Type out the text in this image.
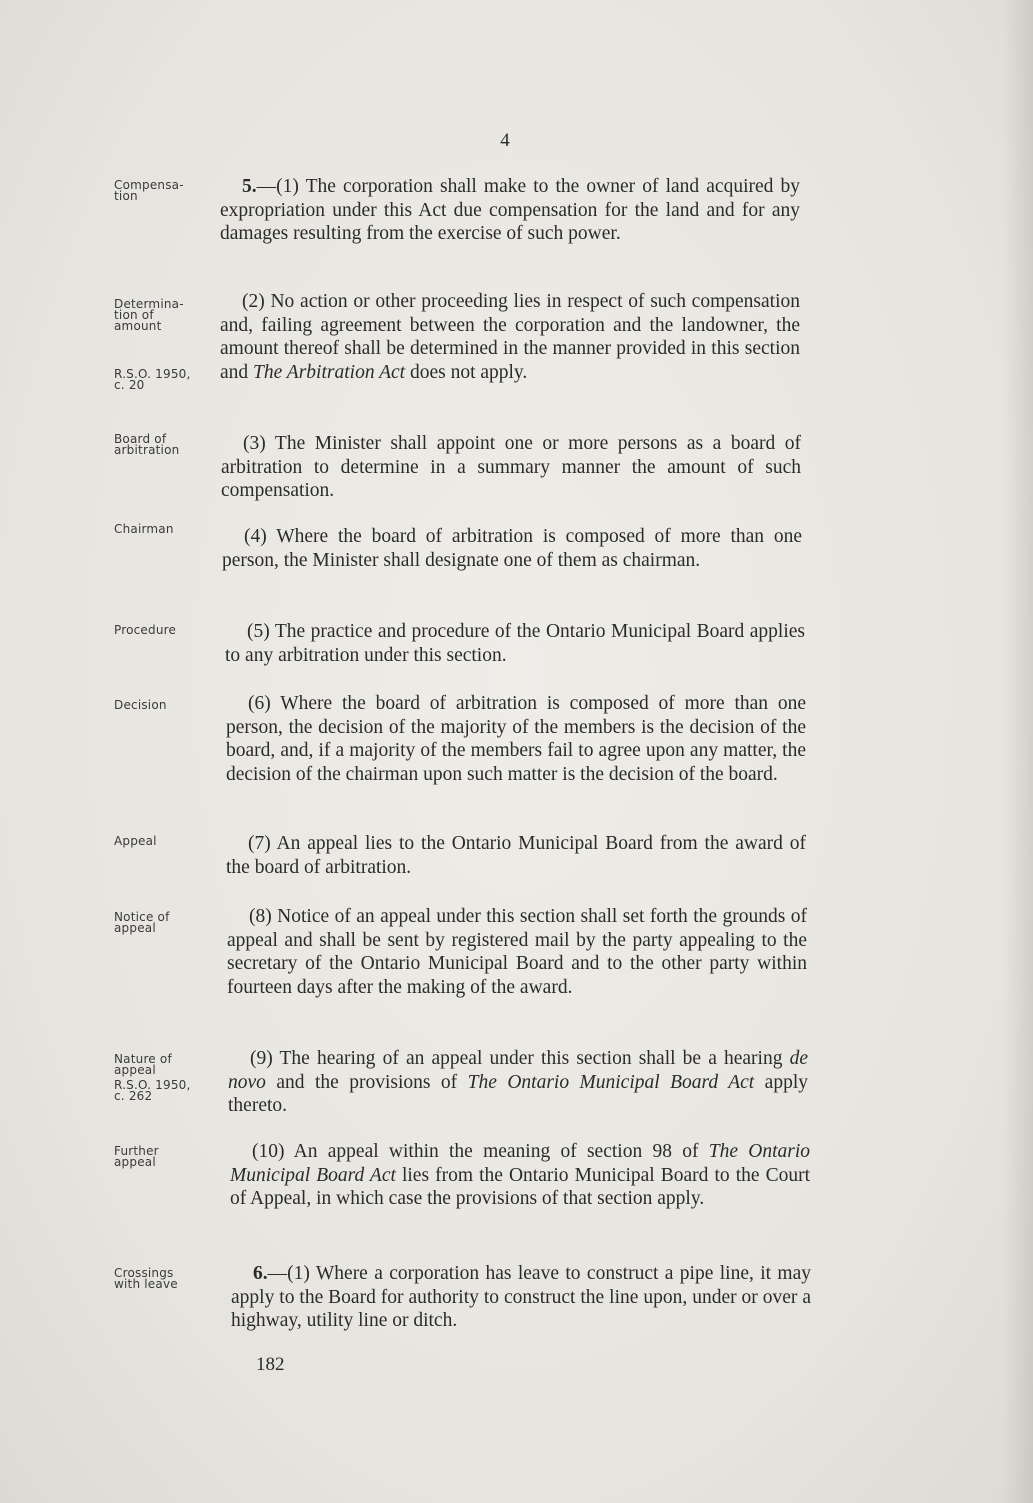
4
Compensa-
tion	5.—(1) The corporation shall make to the owner of land acquired by expropriation under this Act due compensation for the land and for any damages resulting from the exercise of such power.
Determina-
tion of
amount
R.S.O. 1950,
c. 20
(2) No action or other proceeding lies in respect of such compensation and, failing agreement between the corporation and the landowner, the amount thereof shall be determined in the manner provided in this section and The Arbitration Act does not apply.
Board of
arbitration	(3) The Minister shall appoint one or more persons as a board of arbitration to determine in a summary manner the amount of such compensation.
Chairman	(4) Where the board of arbitration is composed of more than one person, the Minister shall designate one of them as chairman.
Procedure	(5) The practice and procedure of the Ontario Municipal Board applies to any arbitration under this section.
Decision	(6) Where the board of arbitration is composed of more than one person, the decision of the majority of the members is the decision of the board, and, if a majority of the members fail to agree upon any matter, the decision of the chairman upon such matter is the decision of the board.
Appeal	(7) An appeal lies to the Ontario Municipal Board from the award of the board of arbitration.
Notice of
appeal
(8) Notice of an appeal under this section shall set forth the grounds of appeal and shall be sent by registered mail by the party appealing to the secretary of the Ontario Municipal Board and to the other party within fourteen days after the making of the award.
Nature of
appeal
R.S.O. 1950,
c. 262
(9) The hearing of an appeal under this section shall be a hearing de novo and the provisions of The Ontario Municipal Board Act apply thereto.
Further
appeal	(10) An appeal within the meaning of section 98 of The Ontario Municipal Board Act lies from the Ontario Municipal Board to the Court of Appeal, in which case the provisions of that section apply.
Crossings
with leave	6.—(1) Where a corporation has leave to construct a pipe line, it may apply to the Board for authority to construct the line upon, under or over a highway, utility line or ditch.
182
